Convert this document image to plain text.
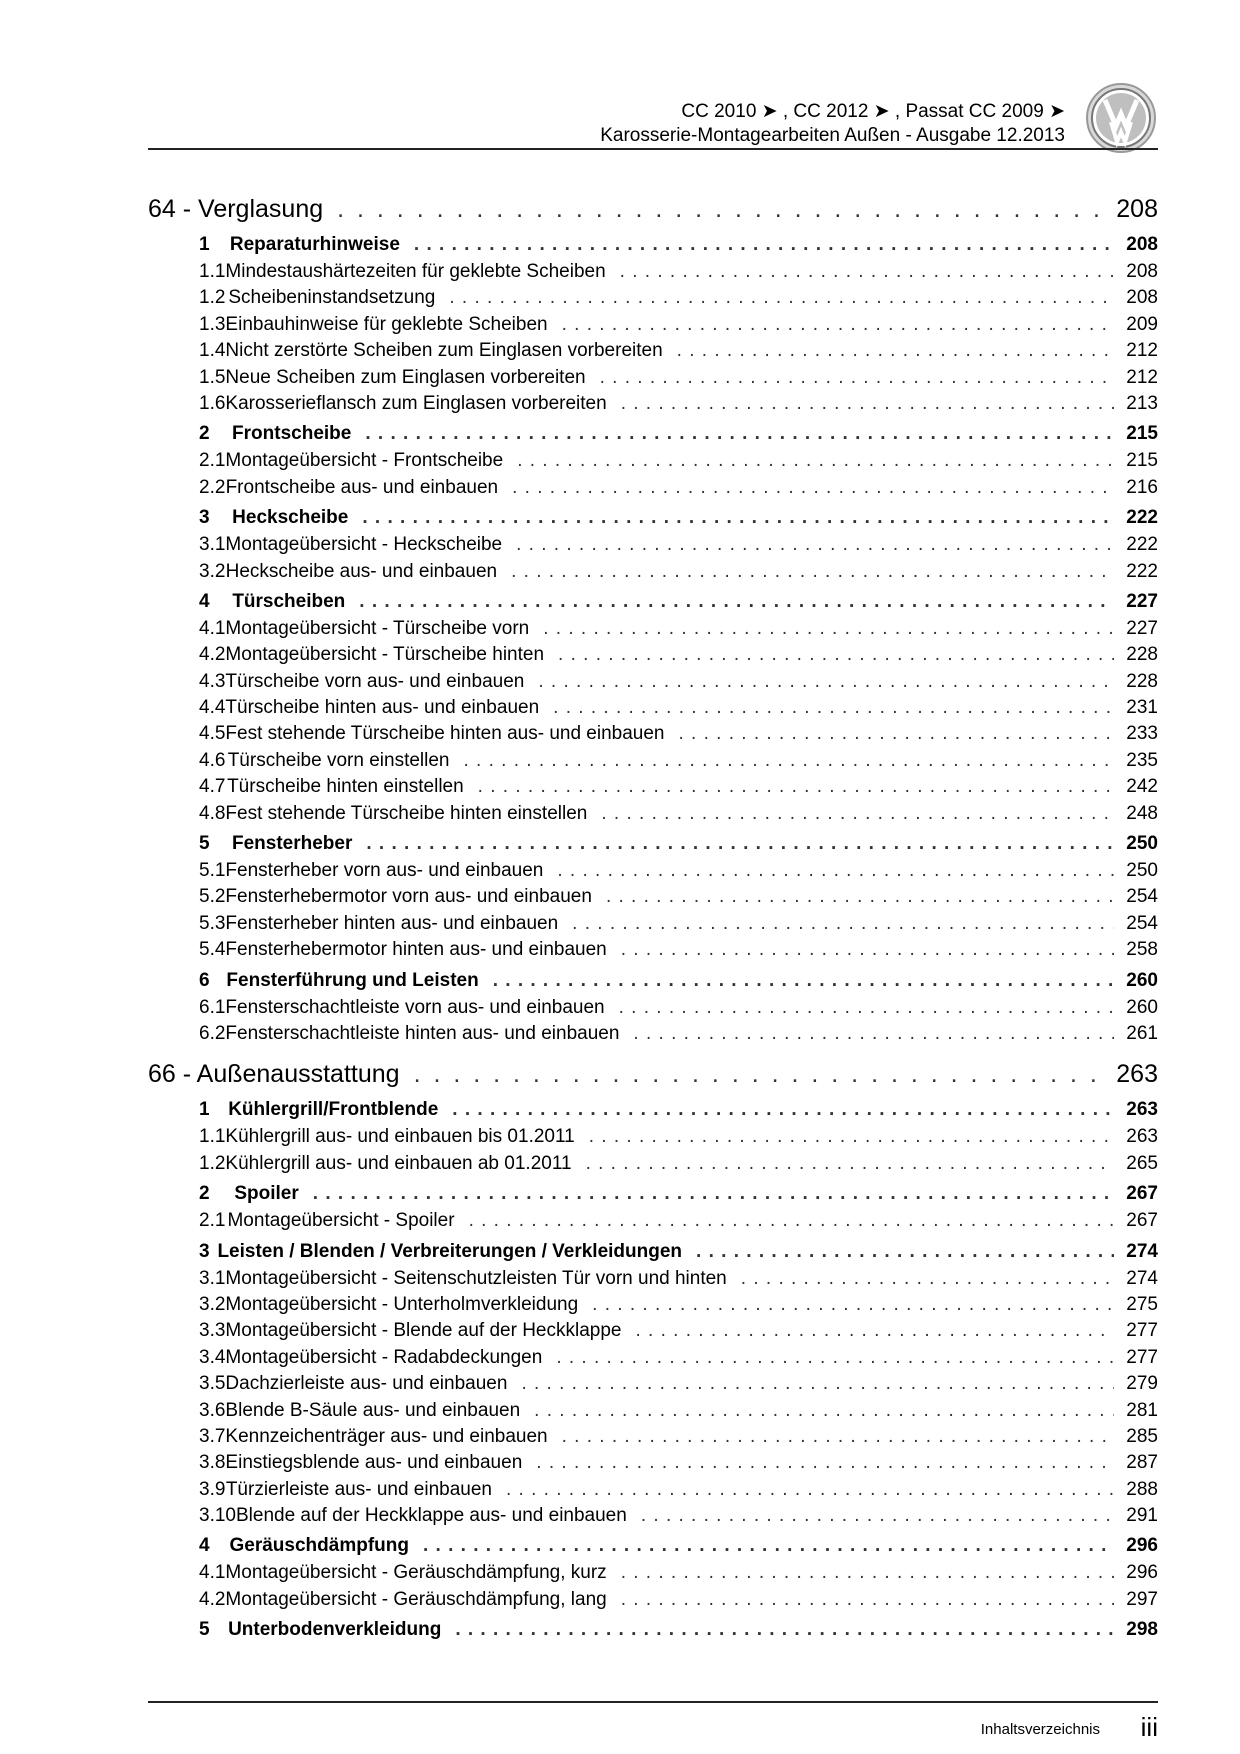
CC 2010 ➤ , CC 2012 ➤ , Passat CC 2009 ➤
Karosserie-Montagearbeiten Außen - Ausgabe 12.2013
64 - Verglasung . . .	208
1	Reparaturhinweise . . .	208
1.1 Mindestaushärtezeiten für geklebte Scheiben . . .	208
1.2 Scheibeninstandsetzung . . .	208
1.3 Einbauhinweise für geklebte Scheiben . . .	209
1.4 Nicht zerstörte Scheiben zum Einglasen vorbereiten . . .	212
1.5 Neue Scheiben zum Einglasen vorbereiten . . .	212
1.6 Karosserieflansch zum Einglasen vorbereiten . . .	213
2	Frontscheibe . . .	215
2.1 Montageübersicht - Frontscheibe . . .	215
2.2 Frontscheibe aus- und einbauen . . .	216
3	Heckscheibe . . .	222
3.1 Montageübersicht - Heckscheibe . . .	222
3.2 Heckscheibe aus- und einbauen . . .	222
4	Türscheiben . . .	227
4.1 Montageübersicht - Türscheibe vorn . . .	227
4.2 Montageübersicht - Türscheibe hinten . . .	228
4.3 Türscheibe vorn aus- und einbauen . . .	228
4.4 Türscheibe hinten aus- und einbauen . . .	231
4.5 Fest stehende Türscheibe hinten aus- und einbauen . . .	233
4.6 Türscheibe vorn einstellen . . .	235
4.7 Türscheibe hinten einstellen . . .	242
4.8 Fest stehende Türscheibe hinten einstellen . . .	248
5	Fensterheber . . .	250
5.1 Fensterheber vorn aus- und einbauen . . .	250
5.2 Fensterhebermotor vorn aus- und einbauen . . .	254
5.3 Fensterheber hinten aus- und einbauen . . .	254
5.4 Fensterhebermotor hinten aus- und einbauen . . .	258
6 Fensterführung und Leisten . . .	260
6.1 Fensterschachtleiste vorn aus- und einbauen . . .	260
6.2 Fensterschachtleiste hinten aus- und einbauen . . .	261
66 - Außenausstattung . . .	263
1 Kühlergrill/Frontblende . . .	263
1.1 Kühlergrill aus- und einbauen bis 01.2011 . . .	263
1.2 Kühlergrill aus- und einbauen ab 01.2011 . . .	265
2	Spoiler . . .	267
2.1 Montageübersicht - Spoiler . . .	267
3 Leisten / Blenden / Verbreiterungen / Verkleidungen . . .	274
3.1 Montageübersicht - Seitenschutzleisten Tür vorn und hinten . . .	274
3.2 Montageübersicht - Unterholmverkleidung . . .	275
3.3 Montageübersicht - Blende auf der Heckklappe . . .	277
3.4 Montageübersicht - Radabdeckungen . . .	277
3.5 Dachzierleiste aus- und einbauen . . .	279
3.6 Blende B-Säule aus- und einbauen . . .	281
3.7 Kennzeichenträger aus- und einbauen . . .	285
3.8 Einstiegsblende aus- und einbauen . . .	287
3.9 Türzierleiste aus- und einbauen . . .	288
3.10 Blende auf der Heckklappe aus- und einbauen . . .	291
4	Geräuschdämpfung . . .	296
4.1 Montageübersicht - Geräuschdämpfung, kurz . . .	296
4.2 Montageübersicht - Geräuschdämpfung, lang . . .	297
5 Unterbodenverkleidung . . .	298
Inhaltsverzeichnis iii
